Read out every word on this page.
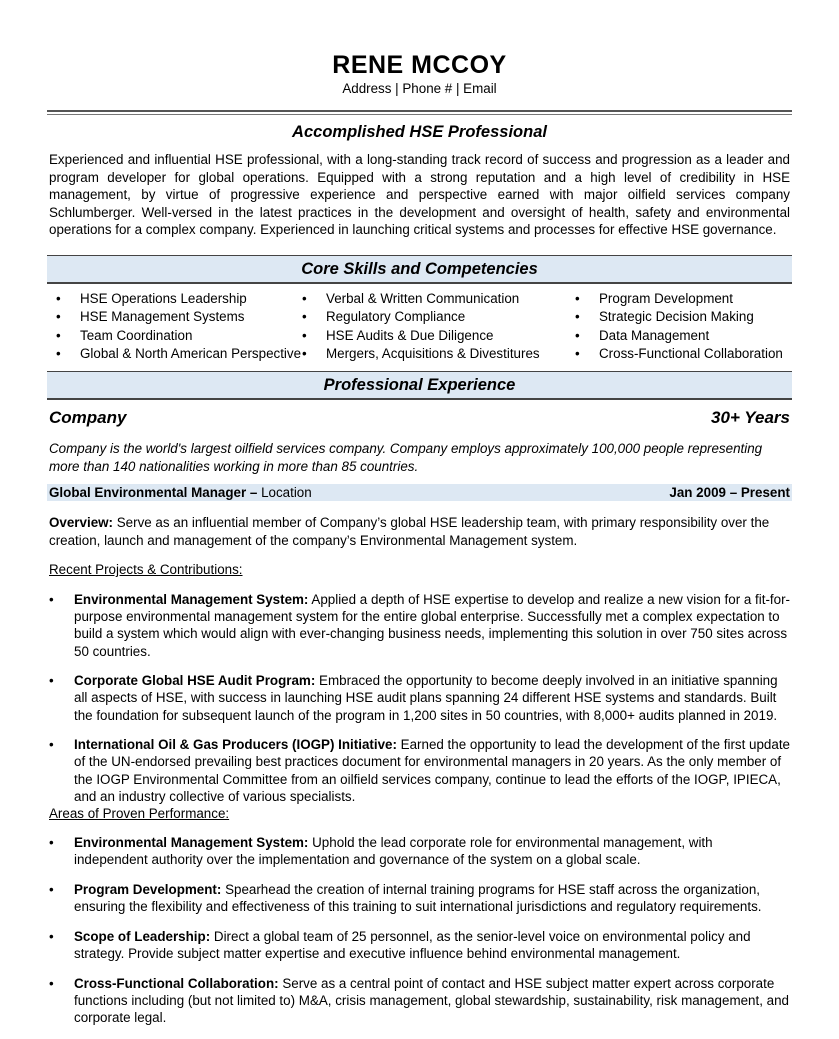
RENE MCCOY
Address | Phone # | Email
Accomplished HSE Professional

Experienced and influential HSE professional, with a long-standing track record of success and progression as a leader and program developer for global operations. Equipped with a strong reputation and a high level of credibility in HSE management, by virtue of progressive experience and perspective earned with major oilfield services company Schlumberger. Well-versed in the latest practices in the development and oversight of health, safety and environmental operations for a complex company. Experienced in launching critical systems and processes for effective HSE governance.

Core Skills and Competencies
• HSE Operations Leadership
• HSE Management Systems
• Team Coordination
• Global & North American Perspective
• Verbal & Written Communication
• Regulatory Compliance
• HSE Audits & Due Diligence
• Mergers, Acquisitions & Divestitures
• Program Development
• Strategic Decision Making
• Data Management
• Cross-Functional Collaboration
Professional Experience
Company	30+ Years

Company is the world's largest oilfield services company. Company employs approximately 100,000 people representing more than 140 nationalities working in more than 85 countries.

Global Environmental Manager – Location	Jan 2009 – Present

Overview: Serve as an influential member of Company’s global HSE leadership team, with primary responsibility over the creation, launch and management of the company’s Environmental Management system.

Recent Projects & Contributions:
• Environmental Management System: Applied a depth of HSE expertise to develop and realize a new vision for a fit-for-purpose environmental management system for the entire global enterprise. Successfully met a complex expectation to build a system which would align with ever-changing business needs, implementing this solution in over 750 sites across 50 countries.
• Corporate Global HSE Audit Program: Embraced the opportunity to become deeply involved in an initiative spanning all aspects of HSE, with success in launching HSE audit plans spanning 24 different HSE systems and standards. Built the foundation for subsequent launch of the program in 1,200 sites in 50 countries, with 8,000+ audits planned in 2019.
• International Oil & Gas Producers (IOGP) Initiative: Earned the opportunity to lead the development of the first update of the UN-endorsed prevailing best practices document for environmental managers in 20 years. As the only member of the IOGP Environmental Committee from an oilfield services company, continue to lead the efforts of the IOGP, IPIECA, and an industry collective of various specialists.
Areas of Proven Performance:
• Environmental Management System: Uphold the lead corporate role for environmental management, with independent authority over the implementation and governance of the system on a global scale.
• Program Development: Spearhead the creation of internal training programs for HSE staff across the organization, ensuring the flexibility and effectiveness of this training to suit international jurisdictions and regulatory requirements.
• Scope of Leadership: Direct a global team of 25 personnel, as the senior-level voice on environmental policy and strategy. Provide subject matter expertise and executive influence behind environmental management.
• Cross-Functional Collaboration: Serve as a central point of contact and HSE subject matter expert across corporate functions including (but not limited to) M&A, crisis management, global stewardship, sustainability, risk management, and corporate legal.
